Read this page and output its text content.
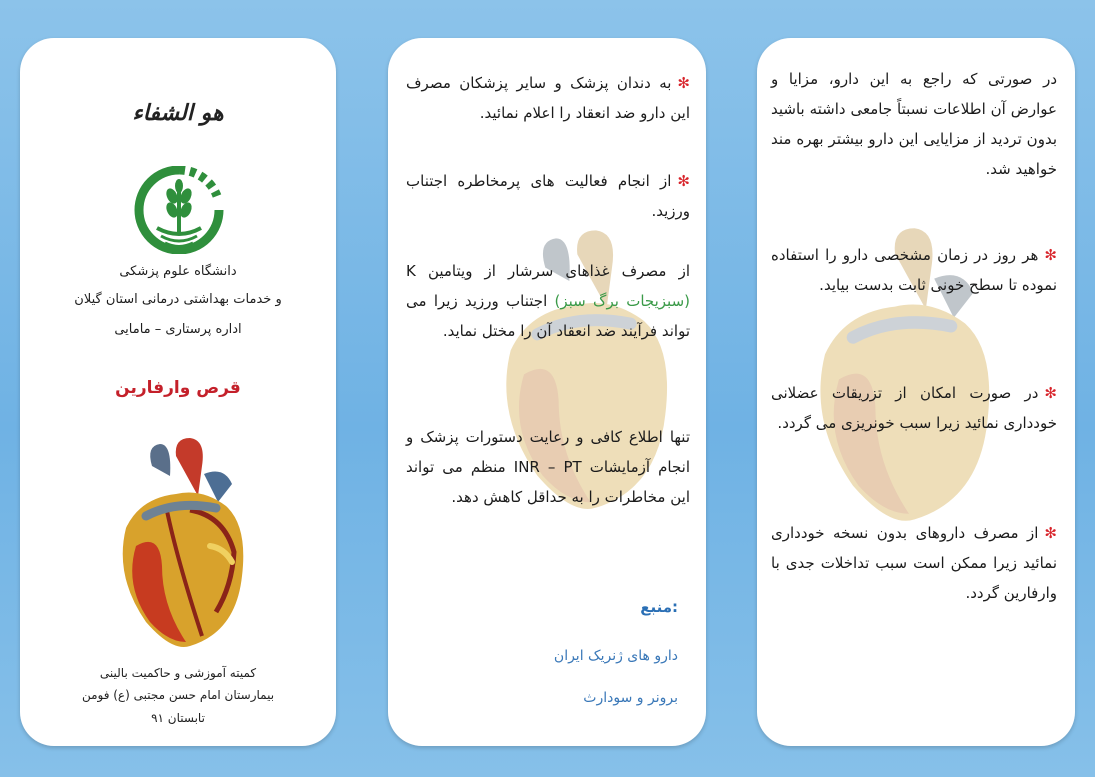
هو الشفاء
دانشگاه علوم پزشکی
و خدمات بهداشتی درمانی استان گیلان
اداره پرستاری – مامایی
قرص وارفارین
کمیته آموزشی و حاکمیت بالینی
بیمارستان امام حسن مجتبی (ع) فومن
تابستان ۹۱
✻به دندان پزشک و سایر پزشکان مصرف این دارو ضد انعقاد را اعلام نمائید.
✻از انجام فعالیت های پرمخاطره اجتناب ورزید.
از مصرف غذاهای سرشار از ویتامین K (سبزیجات برگ سبز) اجتناب ورزید زیرا می تواند فرآیند ضد انعقاد آن را مختل نماید.
تنها اطلاع کافی و رعایت دستورات پزشک و انجام آزمایشات INR – PT منظم می تواند این مخاطرات را به حداقل کاهش دهد.
منبع:
دارو های ژنریک ایران
برونر و سودارث
در صورتی که راجع به این دارو، مزایا و عوارض آن اطلاعات نسبتاً جامعی داشته باشید بدون تردید از مزایایی این دارو بیشتر بهره مند خواهید شد.
✻هر روز در زمان مشخصی دارو را استفاده نموده تا سطح خونی ثابت بدست بیاید.
✻در صورت امکان از تزریقات عضلانی خودداری نمائید زیرا سبب خونریزی می گردد.
✻از مصرف داروهای بدون نسخه خودداری نمائید زیرا ممکن است سبب تداخلات جدی با وارفارین گردد.
